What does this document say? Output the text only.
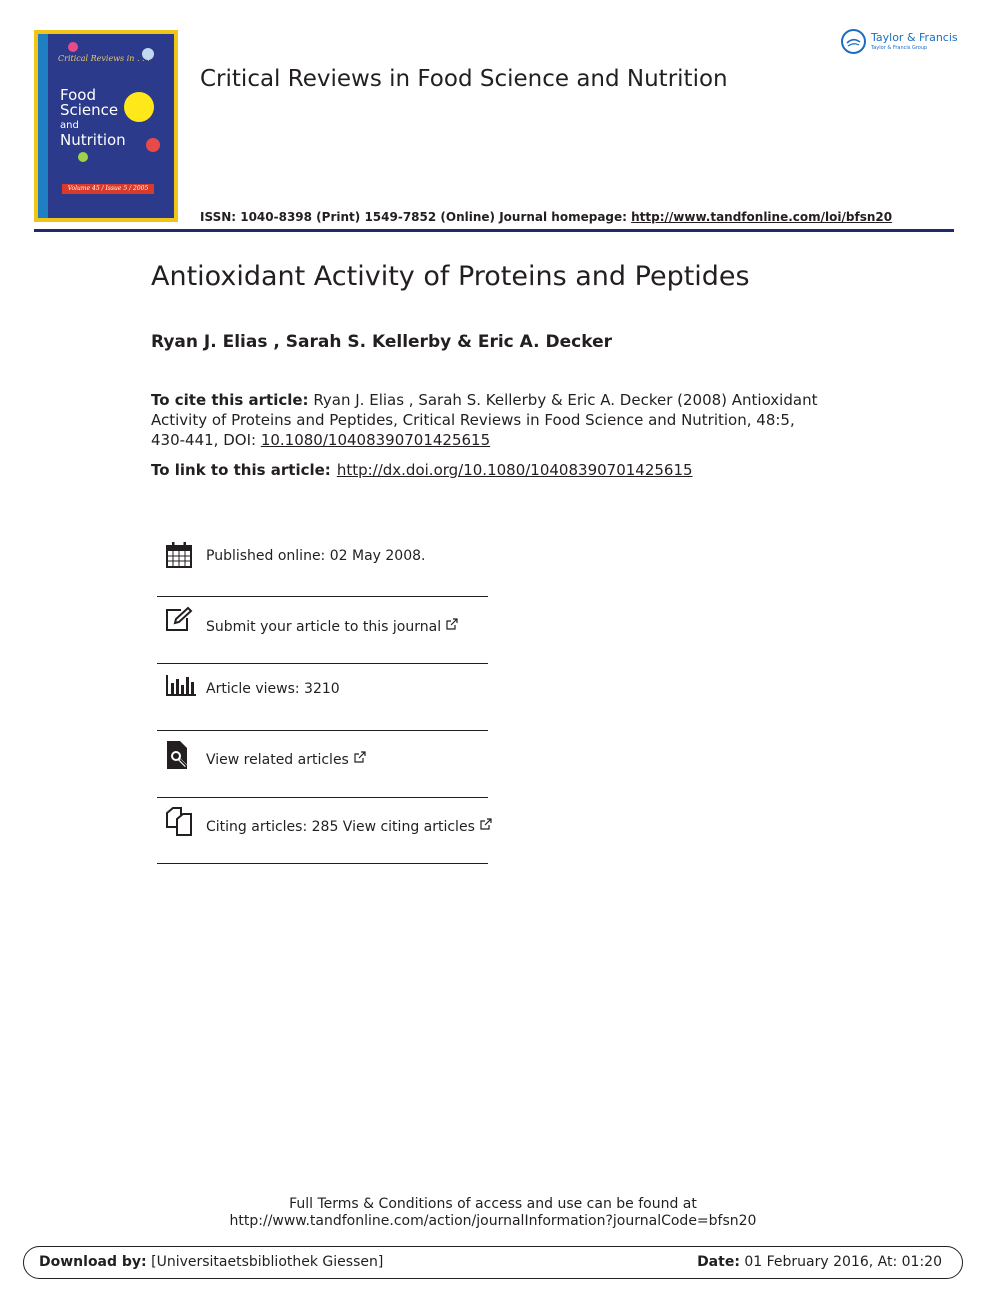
Critical Reviews in . . .
Food
Science
and
Nutrition
Volume 45 / Issue 5 / 2005
Critical Reviews in Food Science and Nutrition
Taylor & Francis
Taylor & Francis Group
ISSN: 1040-8398 (Print) 1549-7852 (Online) Journal homepage: http://www.tandfonline.com/loi/bfsn20
Antioxidant Activity of Proteins and Peptides
Ryan J. Elias , Sarah S. Kellerby & Eric A. Decker
To cite this article: Ryan J. Elias , Sarah S. Kellerby & Eric A. Decker (2008) Antioxidant Activity of Proteins and Peptides, Critical Reviews in Food Science and Nutrition, 48:5, 430-441, DOI: 10.1080/10408390701425615
To link to this article: http://dx.doi.org/10.1080/10408390701425615
Published online: 02 May 2008.
Submit your article to this journal
Article views: 3210
View related articles
Citing articles: 285 View citing articles
Full Terms & Conditions of access and use can be found at
http://www.tandfonline.com/action/journalInformation?journalCode=bfsn20
Download by: [Universitaetsbibliothek Giessen]	Date: 01 February 2016, At: 01:20
